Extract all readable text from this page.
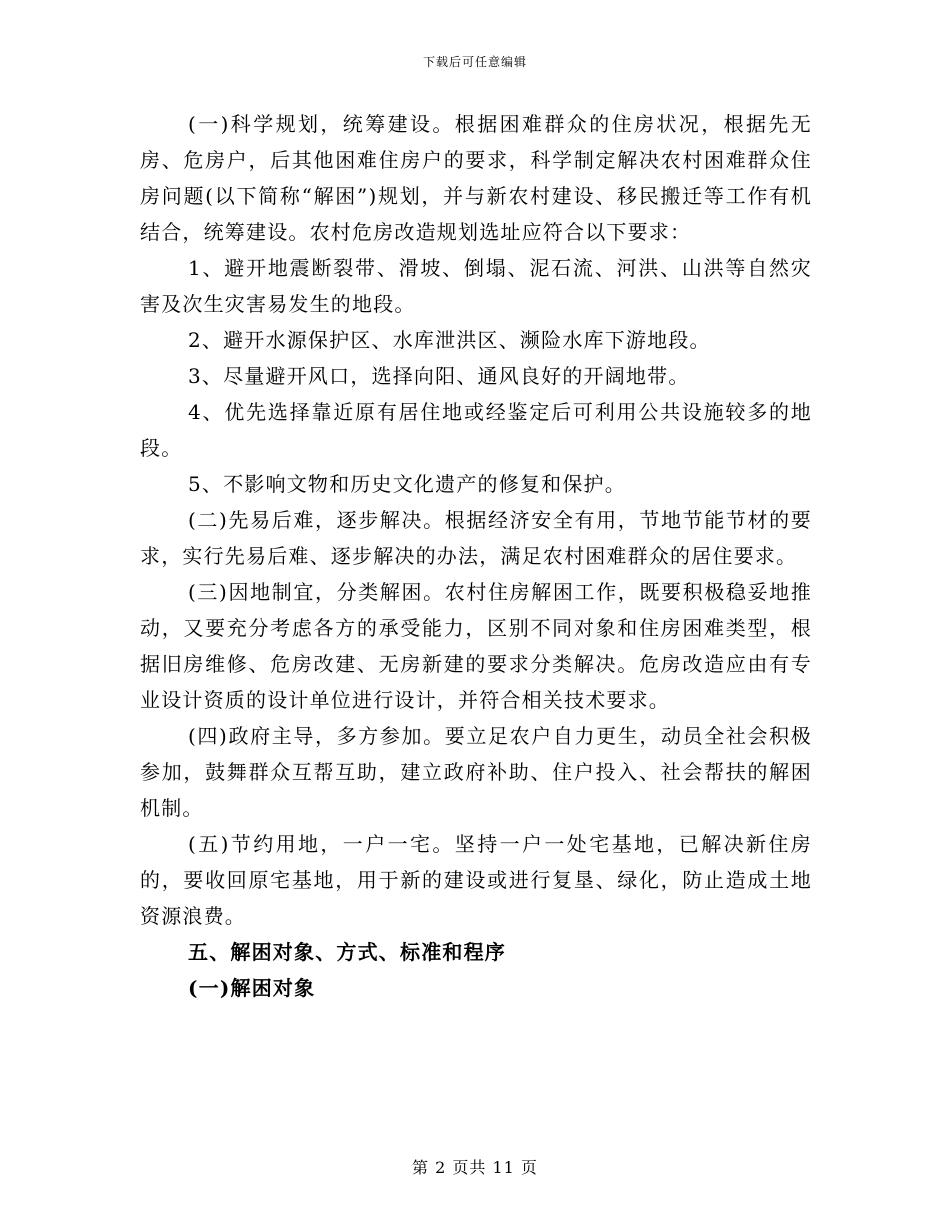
下载后可任意编辑

(一)科学规划，统筹建设。根据困难群众的住房状况，根据先无房、危房户，后其他困难住房户的要求，科学制定解决农村困难群众住房问题(以下简称“解困”)规划，并与新农村建设、移民搬迁等工作有机结合，统筹建设。农村危房改造规划选址应符合以下要求：

1、避开地震断裂带、滑坡、倒塌、泥石流、河洪、山洪等自然灾害及次生灾害易发生的地段。

2、避开水源保护区、水库泄洪区、濒险水库下游地段。

3、尽量避开风口，选择向阳、通风良好的开阔地带。

4、优先选择靠近原有居住地或经鉴定后可利用公共设施较多的地段。

5、不影响文物和历史文化遗产的修复和保护。

(二)先易后难，逐步解决。根据经济安全有用，节地节能节材的要求，实行先易后难、逐步解决的办法，满足农村困难群众的居住要求。

(三)因地制宜，分类解困。农村住房解困工作，既要积极稳妥地推动，又要充分考虑各方的承受能力，区别不同对象和住房困难类型，根据旧房维修、危房改建、无房新建的要求分类解决。危房改造应由有专业设计资质的设计单位进行设计，并符合相关技术要求。

(四)政府主导，多方参加。要立足农户自力更生，动员全社会积极参加，鼓舞群众互帮互助，建立政府补助、住户投入、社会帮扶的解困机制。

(五)节约用地，一户一宅。坚持一户一处宅基地，已解决新住房的，要收回原宅基地，用于新的建设或进行复垦、绿化，防止造成土地资源浪费。

五、解困对象、方式、标准和程序

(一)解困对象

第 2 页共 11 页
